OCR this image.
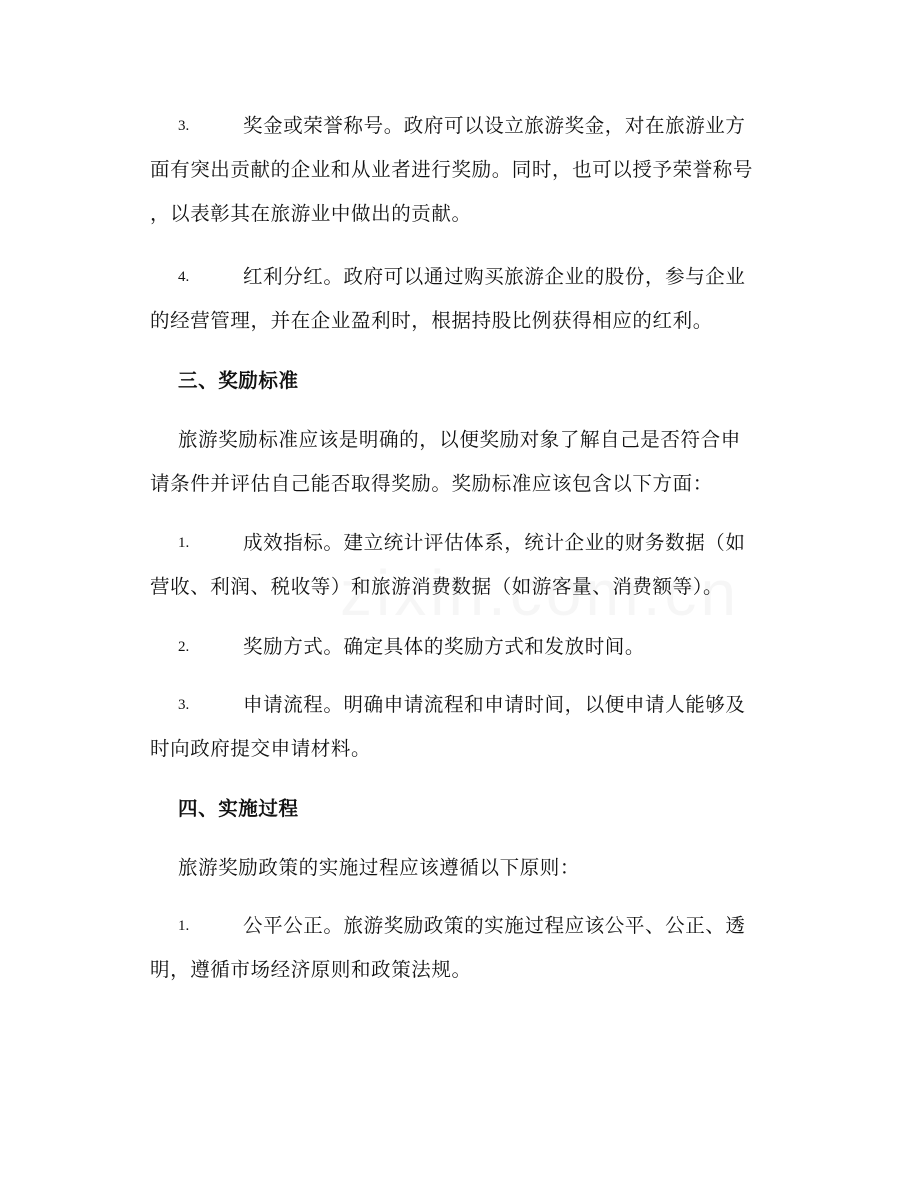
3.	奖金或荣誉称号。政府可以设立旅游奖金，对在旅游业方
面有突出贡献的企业和从业者进行奖励。同时，也可以授予荣誉称号
，以表彰其在旅游业中做出的贡献。
4.	红利分红。政府可以通过购买旅游企业的股份，参与企业
的经营管理，并在企业盈利时，根据持股比例获得相应的红利。
三、奖励标准
旅游奖励标准应该是明确的，以便奖励对象了解自己是否符合申
请条件并评估自己能否取得奖励。奖励标准应该包含以下方面：
1.	成效指标。建立统计评估体系，统计企业的财务数据（如
营收、利润、税收等）和旅游消费数据（如游客量、消费额等）。
2.	奖励方式。确定具体的奖励方式和发放时间。
3.	申请流程。明确申请流程和申请时间，以便申请人能够及
时向政府提交申请材料。
四、实施过程
旅游奖励政策的实施过程应该遵循以下原则：
1.	公平公正。旅游奖励政策的实施过程应该公平、公正、透
明，遵循市场经济原则和政策法规。
